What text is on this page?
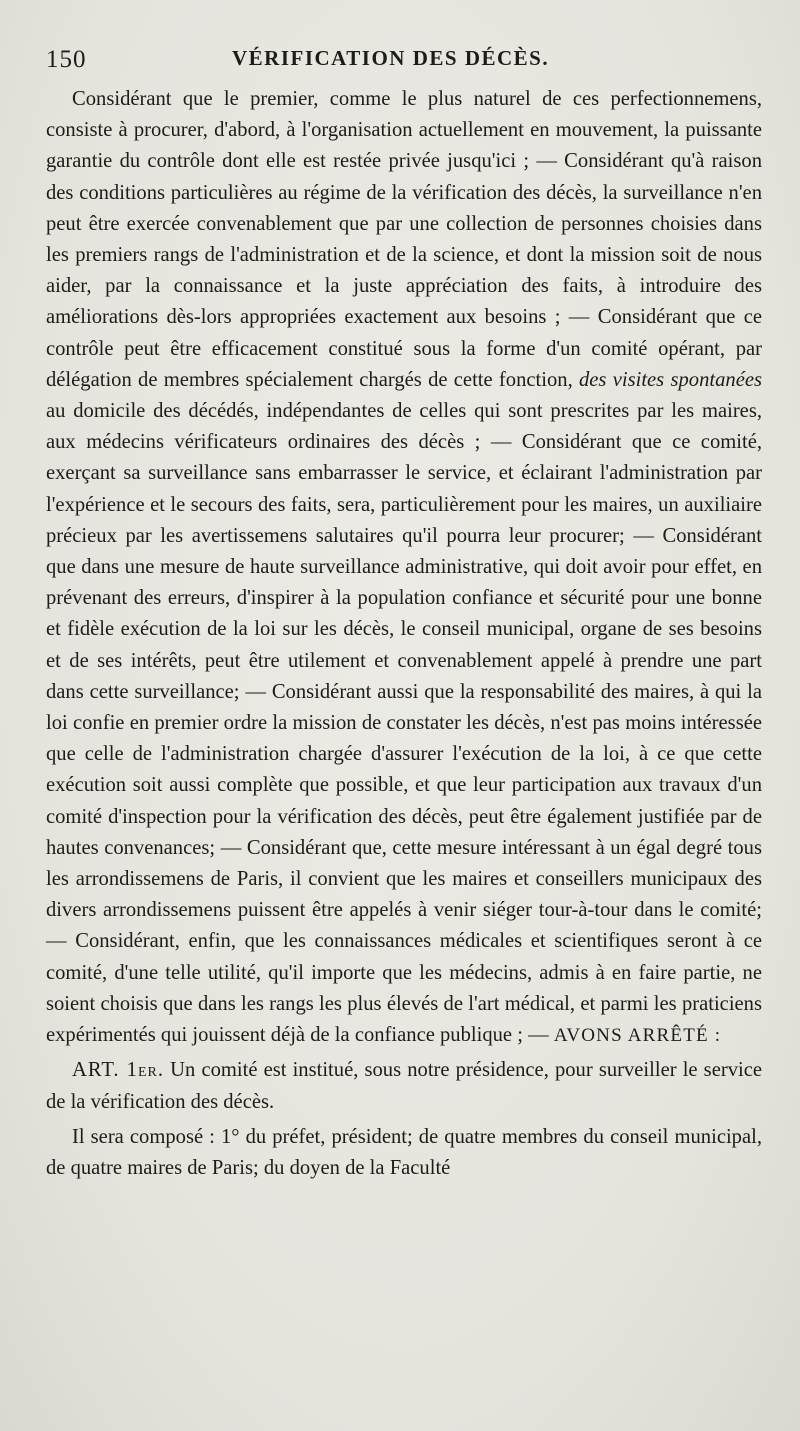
150	VÉRIFICATION DES DÉCÈS.

Considérant que le premier, comme le plus naturel de ces perfectionnemens, consiste à procurer, d'abord, à l'organisation actuellement en mouvement, la puissante garantie du contrôle dont elle est restée privée jusqu'ici ; — Considérant qu'à raison des conditions particulières au régime de la vérification des décès, la surveillance n'en peut être exercée convenablement que par une collection de personnes choisies dans les premiers rangs de l'administration et de la science, et dont la mission soit de nous aider, par la connaissance et la juste appréciation des faits, à introduire des améliorations dès-lors appropriées exactement aux besoins ; — Considérant que ce contrôle peut être efficacement constitué sous la forme d'un comité opérant, par délégation de membres spécialement chargés de cette fonction, des visites spontanées au domicile des décédés, indépendantes de celles qui sont prescrites par les maires, aux médecins vérificateurs ordinaires des décès ; — Considérant que ce comité, exerçant sa surveillance sans embarrasser le service, et éclairant l'administration par l'expérience et le secours des faits, sera, particulièrement pour les maires, un auxiliaire précieux par les avertissemens salutaires qu'il pourra leur procurer; — Considérant que dans une mesure de haute surveillance administrative, qui doit avoir pour effet, en prévenant des erreurs, d'inspirer à la population confiance et sécurité pour une bonne et fidèle exécution de la loi sur les décès, le conseil municipal, organe de ses besoins et de ses intérêts, peut être utilement et convenablement appelé à prendre une part dans cette surveillance; — Considérant aussi que la responsabilité des maires, à qui la loi confie en premier ordre la mission de constater les décès, n'est pas moins intéressée que celle de l'administration chargée d'assurer l'exécution de la loi, à ce que cette exécution soit aussi complète que possible, et que leur participation aux travaux d'un comité d'inspection pour la vérification des décès, peut être également justifiée par de hautes convenances; — Considérant que, cette mesure intéressant à un égal degré tous les arrondissemens de Paris, il convient que les maires et conseillers municipaux des divers arrondissemens puissent être appelés à venir siéger tour-à-tour dans le comité; — Considérant, enfin, que les connaissances médicales et scientifiques seront à ce comité, d'une telle utilité, qu'il importe que les médecins, admis à en faire partie, ne soient choisis que dans les rangs les plus élevés de l'art médical, et parmi les praticiens expérimentés qui jouissent déjà de la confiance publique ; — AVONS ARRÊTÉ :

ART. 1er. Un comité est institué, sous notre présidence, pour surveiller le service de la vérification des décès.

Il sera composé : 1° du préfet, président; de quatre membres du conseil municipal, de quatre maires de Paris; du doyen de la Faculté
